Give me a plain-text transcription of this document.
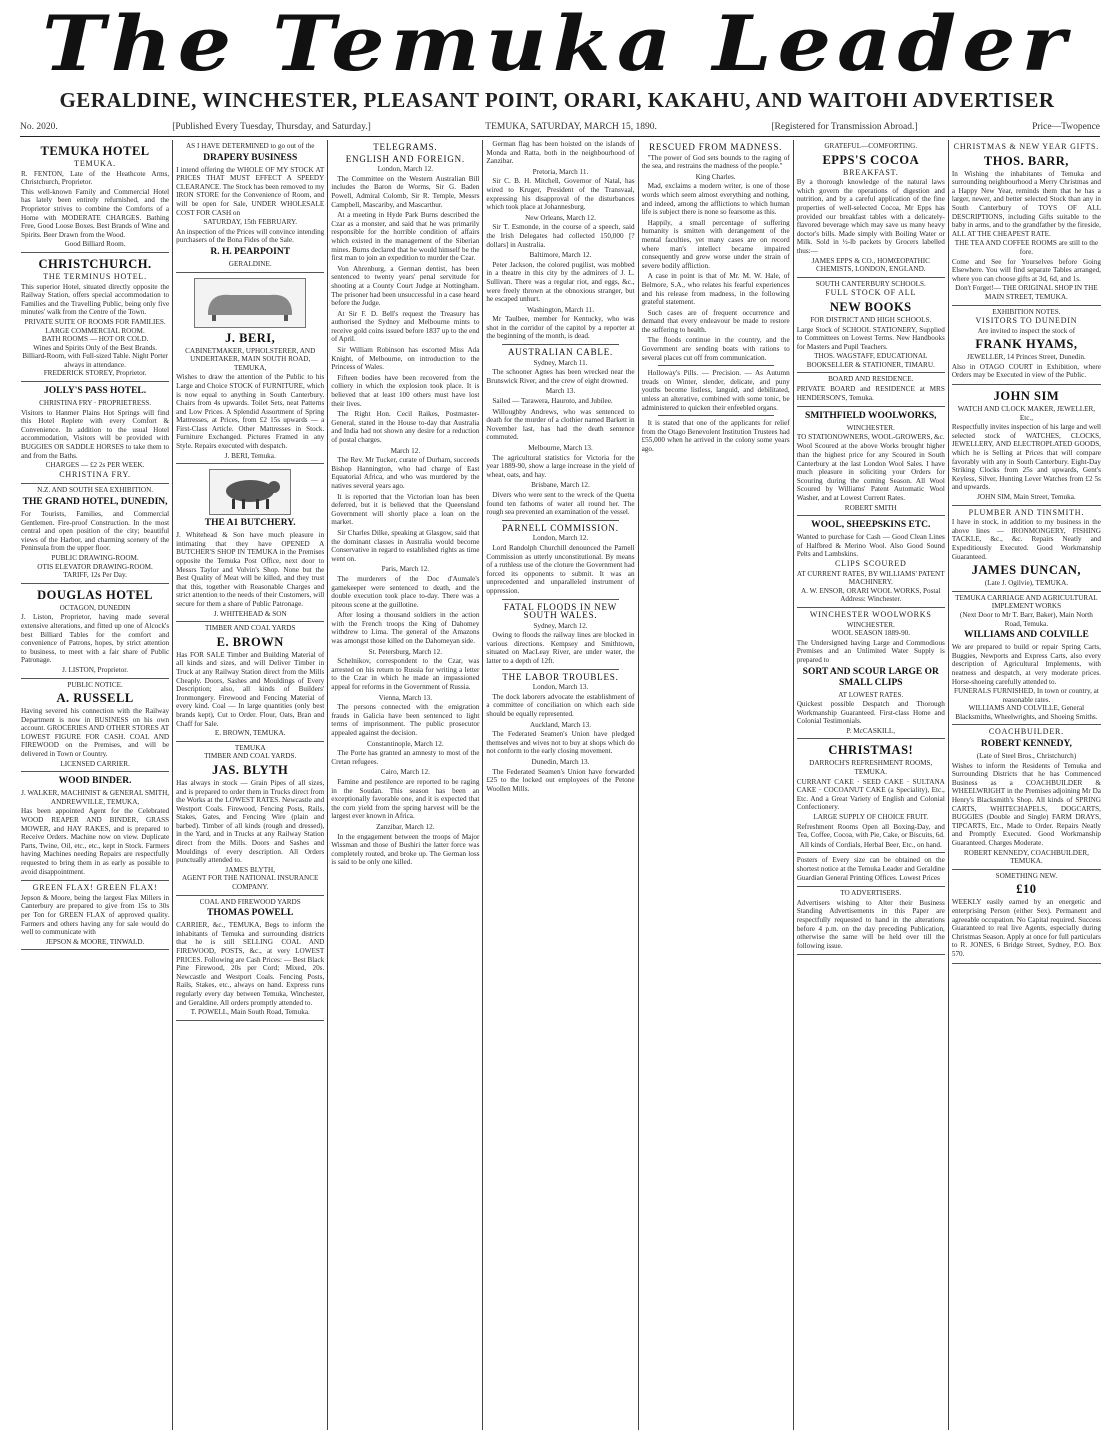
The Temuka Leader
GERALDINE, WINCHESTER, PLEASANT POINT, ORARI, KAKAHU, AND WAITOHI ADVERTISER
No. 2020.	[Published Every Tuesday, Thursday, and Saturday.]	TEMUKA, SATURDAY, MARCH 15, 1890.	[Registered for Transmission Abroad.]	Price—Twopence
TEMUKA HOTEL
TEMUKA.

R. FENTON, Late of the Heathcote Arms, Christchurch, Proprietor.

This well-known Family and Commercial Hotel has lately been entirely refurnished, and the Proprietor strives to combine the Comforts of a Home with MODERATE CHARGES. Bathing Free, Good Loose Boxes. Best Brands of Wine and Spirits. Beer Drawn from the Wood.

Good Billiard Room.
CHRISTCHURCH.
THE TERMINUS HOTEL.

This superior Hotel, situated directly opposite the Railway Station, offers special accommodation to Families and the Travelling Public, being only five minutes' walk from the Centre of the Town.

PRIVATE SUITE OF ROOMS FOR FAMILIES.
LARGE COMMERCIAL ROOM.
BATH ROOMS — HOT OR COLD.
Wines and Spirits Only of the Best Brands.
Billiard-Room, with Full-sized Table. Night Porter always in attendance.
FREDERICK STOREY, Proprietor.
JOLLY'S PASS HOTEL.
CHRISTINA FRY · PROPRIETRESS.

Visitors to Hanmer Plains Hot Springs will find this Hotel Replete with every Comfort & Convenience. In addition to the usual Hotel accommodation, Visitors will be provided with BUGGIES OR SADDLE HORSES to take them to and from the Baths.

CHARGES — £2 2s PER WEEK.
CHRISTINA FRY.
N.Z. AND SOUTH SEA EXHIBITION.
THE GRAND HOTEL, DUNEDIN,

For Tourists, Families, and Commercial Gentlemen. Fire-proof Construction. In the most central and open position of the city; beautiful views of the Harbor, and charming scenery of the Peninsula from the upper floor.

PUBLIC DRAWING-ROOM.
OTIS ELEVATOR DRAWING-ROOM.
TARIFF, 12s Per Day.
DOUGLAS HOTEL
OCTAGON, DUNEDIN

J. Liston, Proprietor, having made several extensive alterations, and fitted up one of Alcock's best Billiard Tables for the comfort and convenience of Patrons, hopes, by strict attention to business, to meet with a fair share of Public Patronage.

J. LISTON, Proprietor.
PUBLIC NOTICE.
A. RUSSELL

Having severed his connection with the Railway Department is now in BUSINESS on his own account. GROCERIES AND OTHER STORES AT LOWEST FIGURE FOR CASH. COAL AND FIREWOOD on the Premises, and will be delivered in Town or Country.

LICENSED CARRIER.
WOOD BINDER.
J. WALKER, MACHINIST & GENERAL SMITH, ANDREWVILLE, TEMUKA,

Has been appointed Agent for the Celebrated WOOD REAPER AND BINDER, GRASS MOWER, and HAY RAKES, and is prepared to Receive Orders. Machine now on view. Duplicate Parts, Twine, Oil, etc., etc., kept in Stock. Farmers having Machines needing Repairs are respectfully requested to bring them in as early as possible to avoid disappointment.

GREEN FLAX! GREEN FLAX!

Jepson & Moore, being the largest Flax Millers in Canterbury are prepared to give from 15s to 30s per Ton for GREEN FLAX of approved quality. Farmers and others having any for sale would do well to communicate with

JEPSON & MOORE, TINWALD.
AS I HAVE DETERMINED to go out of the
DRAPERY BUSINESS

I intend offering the WHOLE OF MY STOCK AT PRICES THAT MUST EFFECT A SPEEDY CLEARANCE. The Stock has been removed to my IRON STORE for the Convenience of Room, and will be open for Sale, UNDER WHOLESALE COST FOR CASH on

SATURDAY, 15th FEBRUARY.

An inspection of the Prices will convince intending purchasers of the Bona Fides of the Sale.

R. H. PEARPOINT
GERALDINE.
J. BERI,
CABINETMAKER, UPHOLSTERER, AND UNDERTAKER, MAIN SOUTH ROAD, TEMUKA,

Wishes to draw the attention of the Public to his Large and Choice STOCK of FURNITURE, which is now equal to anything in South Canterbury. Chairs from 4s upwards. Toilet Sets, neat Patterns and Low Prices. A Splendid Assortment of Spring Mattresses, at Prices, from £2 15s upwards — a First-Class Article. Other Mattresses in Stock. Furniture Exchanged. Pictures Framed in any Style. Repairs executed with despatch.

J. BERI, Temuka.
THE A1 BUTCHERY.

J. Whitehead & Son have much pleasure in intimating that they have OPENED A BUTCHER'S SHOP IN TEMUKA in the Premises opposite the Temuka Post Office, next door to Messrs Taylor and Volvin's Shop. None but the Best Quality of Meat will be killed, and they trust that this, together with Reasonable Charges and strict attention to the needs of their Customers, will secure for them a share of Public Patronage.

J. WHITEHEAD & SON
TIMBER AND COAL YARDS
E. BROWN

Has FOR SALE Timber and Building Material of all kinds and sizes, and will Deliver Timber in Truck at any Railway Station direct from the Mills Cheaply. Doors, Sashes and Mouldings of Every Description; also, all kinds of Builders' Ironmongery. Firewood and Fencing Material of every kind. Coal — In large quantities (only best brands kept), Cut to Order. Flour, Oats, Bran and Chaff for Sale.

E. BROWN, TEMUKA.
TEMUKA
TIMBER AND COAL YARDS.
JAS. BLYTH

Has always in stock — Grain Pipes of all sizes, and is prepared to order them in Trucks direct from the Works at the LOWEST RATES. Newcastle and Westport Coals. Firewood, Fencing Posts, Rails, Stakes, Gates, and Fencing Wire (plain and barbed). Timber of all kinds (rough and dressed), in the Yard, and in Trucks at any Railway Station direct from the Mills. Doors and Sashes and Mouldings of every description. All Orders punctually attended to.

JAMES BLYTH,
AGENT FOR THE NATIONAL INSURANCE COMPANY.
COAL AND FIREWOOD YARDS
THOMAS POWELL

CARRIER, &c., TEMUKA, Begs to inform the inhabitants of Temuka and surrounding districts that he is still SELLING COAL AND FIREWOOD, POSTS, &c., at very LOWEST PRICES. Following are Cash Prices: — Best Black Pine Firewood, 20s per Cord; Mixed, 20s. Newcastle and Westport Coals. Fencing Posts, Rails, Stakes, etc., always on hand. Express runs regularly every day between Temuka, Winchester, and Geraldine. All orders promptly attended to.

T. POWELL, Main South Road, Temuka.
TELEGRAMS.
ENGLISH AND FOREIGN.
London, March 12.

The Committee on the Western Australian Bill includes the Baron de Worms, Sir G. Baden Powell, Admiral Colomb, Sir R. Temple, Messrs Campbell, Mascariby, and Mascarthur.

At a meeting in Hyde Park Burns described the Czar as a monster, and said that he was primarily responsible for the horrible condition of affairs which existed in the management of the Siberian mines. Burns declared that he would himself be the first man to join an expedition to murder the Czar.

Von Ahrenburg, a German dentist, has been sentenced to twenty years' penal servitude for shooting at a County Court Judge at Nottingham. The prisoner had been unsuccessful in a case heard before the Judge.

At Sir F. D. Bell's request the Treasury has authorised the Sydney and Melbourne mints to receive gold coins issued before 1837 up to the end of April.

Sir William Robinson has escorted Miss Ada Knight, of Melbourne, on introduction to the Princess of Wales.

Fifteen bodies have been recovered from the colliery in which the explosion took place. It is believed that at least 100 others must have lost their lives.

The Right Hon. Cecil Raikes, Postmaster-General, stated in the House to-day that Australia and India had not shown any desire for a reduction of postal charges.

March 12.

The Rev. Mr Tucker, curate of Durham, succeeds Bishop Hannington, who had charge of East Equatorial Africa, and who was murdered by the natives several years ago.

It is reported that the Victorian loan has been deferred, but it is believed that the Queensland Government will shortly place a loan on the market.

Sir Charles Dilke, speaking at Glasgow, said that the dominant classes in Australia would become Conservative in regard to established rights as time went on.

Paris, March 12.

The murderers of the Doc d'Aumale's gamekeeper were sentenced to death, and the double execution took place to-day. There was a piteous scene at the guillotine.

After losing a thousand soldiers in the action with the French troops the King of Dahomey withdrew to Lima. The general of the Amazons was amongst those killed on the Dahomeyan side.

St. Petersburg, March 12.

Schelnikov, correspondent to the Czar, was arrested on his return to Russia for writing a letter to the Czar in which he made an impassioned appeal for reforms in the Government of Russia.

Vienna, March 13.

The persons connected with the emigration frauds in Galicia have been sentenced to light terms of imprisonment. The public prosecutor appealed against the decision.

Constantinople, March 12.

The Porte has granted an amnesty to most of the Cretan refugees.

Cairo, March 12.

Famine and pestilence are reported to be raging in the Soudan. This season has been an exceptionally favorable one, and it is expected that the corn yield from the spring harvest will be the largest ever known in Africa.

Zanzibar, March 12.

In the engagement between the troops of Major Wissman and those of Bushiri the latter force was completely routed, and broke up. The German loss is said to be only one killed.

German flag has been hoisted on the islands of Monda and Ratta, both in the neighbourhood of Zanzibar.

Pretoria, March 11.

Sir C. B. H. Mitchell, Governor of Natal, has wired to Kruger, President of the Transvaal, expressing his disapproval of the disturbances which took place at Johannesburg.

New Orleans, March 12.

Sir T. Esmonde, in the course of a speech, said the Irish Delegates had collected 150,000 [? dollars] in Australia.

Baltimore, March 12.

Peter Jackson, the colored pugilist, was mobbed in a theatre in this city by the admirers of J. L. Sullivan. There was a regular riot, and eggs, &c., were freely thrown at the obnoxious stranger, but he escaped unhurt.

Washington, March 11.

Mr Taulbee, member for Kentucky, who was shot in the corridor of the capitol by a reporter at the beginning of the month, is dead.

AUSTRALIAN CABLE.
Sydney, March 11.

The schooner Agnes has been wrecked near the Brunswick River, and the crew of eight drowned.

March 13.

Sailed — Tarawera, Hauroto, and Jubilee.

Willoughby Andrews, who was sentenced to death for the murder of a clothier named Barkett in November last, has had the death sentence commuted.

Melbourne, March 13.

The agricultural statistics for Victoria for the year 1889-90, show a large increase in the yield of wheat, oats, and hay.

Brisbane, March 12.

Divers who were sent to the wreck of the Quetta found ten fathoms of water all round her. The rough sea prevented an examination of the vessel.

PARNELL COMMISSION.
London, March 12.

Lord Randolph Churchill denounced the Parnell Commission as utterly unconstitutional. By means of a ruthless use of the cloture the Government had forced its opponents to submit. It was an unprecedented and unparalleled instrument of oppression.

FATAL FLOODS IN NEW SOUTH WALES.
Sydney, March 12.

Owing to floods the railway lines are blocked in various directions. Kempsey and Smithtown, situated on MacLeay River, are under water, the latter to a depth of 12ft.

THE LABOR TROUBLES.
London, March 13.

The dock laborers advocate the establishment of a committee of conciliation on which each side should be equally represented.

Auckland, March 13.

The Federated Seamen's Union have pledged themselves and wives not to buy at shops which do not conform to the early closing movement.

Dunedin, March 13.

The Federated Seamen's Union have forwarded £25 to the locked out employees of the Petone Woollen Mills.

RESCUED FROM MADNESS.

"The power of God sets bounds to the raging of the sea, and restrains the madness of the people."

King Charles.

Mad, exclaims a modern writer, is one of those words which seem almost everything and nothing, and indeed, among the afflictions to which human life is subject there is none so fearsome as this.

Happily, a small percentage of suffering humanity is smitten with derangement of the mental faculties, yet many cases are on record where man's intellect became impaired consequently and grew worse under the strain of severe bodily affliction.

A case in point is that of Mr. M. W. Hale, of Belmore, S.A., who relates his fearful experiences and his release from madness, in the following grateful statement.

Such cases are of frequent occurrence and demand that every endeavour be made to restore the suffering to health.

The floods continue in the country, and the Government are sending boats with rations to several places cut off from communication.

Holloway's Pills. — Precision. — As Autumn treads on Winter, slender, delicate, and puny youths become listless, languid, and debilitated, unless an alterative, combined with some tonic, be administered to quicken their enfeebled organs.

It is stated that one of the applicants for relief from the Otago Benevolent Institution Trustees had £55,000 when he arrived in the colony some years ago.

GRATEFUL—COMFORTING.
EPPS'S COCOA
BREAKFAST.

By a thorough knowledge of the natural laws which govern the operations of digestion and nutrition, and by a careful application of the fine properties of well-selected Cocoa, Mr Epps has provided our breakfast tables with a delicately-flavored beverage which may save us many heavy doctor's bills. Made simply with Boiling Water or Milk. Sold in ½-lb packets by Grocers labelled thus:—

JAMES EPPS & CO., HOMŒOPATHIC CHEMISTS, LONDON, ENGLAND.
SOUTH CANTERBURY SCHOOLS.
FULL STOCK OF ALL
NEW BOOKS
FOR DISTRICT AND HIGH SCHOOLS.

Large Stock of SCHOOL STATIONERY, Supplied to Committees on Lowest Terms. New Handbooks for Masters and Pupil Teachers.

THOS. WAGSTAFF, EDUCATIONAL BOOKSELLER & STATIONER, TIMARU.
BOARD AND RESIDENCE.

PRIVATE BOARD and RESIDENCE at MRS HENDERSON'S, Temuka.

SMITHFIELD WOOLWORKS,
WINCHESTER.
TO STATIONOWNERS, WOOL-GROWERS, &c.

Wool Scoured at the above Works brought higher than the highest price for any Scoured in South Canterbury at the last London Wool Sales. I have much pleasure in soliciting your Orders for Scouring during the coming Season. All Wool Scoured by Williams' Patent Automatic Wool Washer, and at Lowest Current Rates.

ROBERT SMITH
WOOL, SHEEPSKINS ETC.

Wanted to purchase for Cash — Good Clean Lines of Halfbred & Merino Wool. Also Good Sound Pelts and Lambskins.

CLIPS SCOURED
AT CURRENT RATES, BY WILLIAMS' PATENT MACHINERY.
A. W. ENSOR, ORARI WOOL WORKS, Postal Address: Winchester.
WINCHESTER WOOLWORKS
WINCHESTER.
WOOL SEASON 1889-90.

The Undersigned having Large and Commodious Premises and an Unlimited Water Supply is prepared to

SORT AND SCOUR LARGE OR SMALL CLIPS
AT LOWEST RATES.

Quickest possible Despatch and Thorough Workmanship Guaranteed. First-class Home and Colonial Testimonials.

P. McCASKILL,
CHRISTMAS!
DARROCH'S REFRESHMENT ROOMS, TEMUKA.

CURRANT CAKE · SEED CAKE · SULTANA CAKE · COCOANUT CAKE (a Speciality), Etc., Etc. And a Great Variety of English and Colonial Confectionery.

LARGE SUPPLY OF CHOICE FRUIT.

Refreshment Rooms Open all Boxing-Day, and Tea, Coffee, Cocoa, with Pie, Cake, or Biscuits, 6d.

All kinds of Cordials, Herbal Beer, Etc., on hand.

Posters of Every size can be obtained on the shortest notice at the Temuka Leader and Geraldine Guardian General Printing Offices. Lowest Prices

TO ADVERTISERS.

Advertisers wishing to Alter their Business Standing Advertisements in this Paper are respectfully requested to hand in the alterations before 4 p.m. on the day preceding Publication, otherwise the same will be held over till the following issue.

CHRISTMAS & NEW YEAR GIFTS.
THOS. BARR,

In Wishing the inhabitants of Temuka and surrounding neighbourhood a Merry Christmas and a Happy New Year, reminds them that he has a larger, newer, and better selected Stock than any in South Canterbury of TOYS OF ALL DESCRIPTIONS, including Gifts suitable to the baby in arms, and to the grandfather by the fireside, ALL AT THE CHEAPEST RATE.

THE TEA AND COFFEE ROOMS are still to the fore.

Come and See for Yourselves before Going Elsewhere. You will find separate Tables arranged, where you can choose gifts at 3d, 6d, and 1s.

Don't Forget!— THE ORIGINAL SHOP IN THE MAIN STREET, TEMUKA.
EXHIBITION NOTES.
VISITORS TO DUNEDIN
Are invited to inspect the stock of
FRANK HYAMS,
JEWELLER, 14 Princes Street, Dunedin.

Also in OTAGO COURT in Exhibition, where Orders may be Executed in view of the Public.

JOHN SIM
WATCH AND CLOCK MAKER, JEWELLER, Etc.,

Respectfully invites inspection of his large and well selected stock of WATCHES, CLOCKS, JEWELLERY, AND ELECTROPLATED GOODS, which he is Selling at Prices that will compare favorably with any in South Canterbury. Eight-Day Striking Clocks from 25s and upwards, Gent's Keyless, Silver, Hunting Lever Watches from £2 5s and upwards.

JOHN SIM, Main Street, Temuka.
PLUMBER AND TINSMITH.

I have in stock, in addition to my business in the above lines — IRONMONGERY, FISHING TACKLE, &c., &c. Repairs Neatly and Expeditiously Executed. Good Workmanship Guaranteed.

JAMES DUNCAN,
(Late J. Ogilvie), TEMUKA.
TEMUKA CARRIAGE AND AGRICULTURAL IMPLEMENT WORKS
(Next Door to Mr T. Barr, Baker), Main North Road, Temuka.
WILLIAMS AND COLVILLE

We are prepared to build or repair Spring Carts, Buggies, Newports and Express Carts, also every description of Agricultural Implements, with neatness and despatch, at very moderate prices. Horse-shoeing carefully attended to.

FUNERALS FURNISHED, In town or country, at reasonable rates.
WILLIAMS AND COLVILLE, General Blacksmiths, Wheelwrights, and Shoeing Smiths.
COACHBUILDER.
ROBERT KENNEDY,
(Late of Steel Bros., Christchurch)

Wishes to inform the Residents of Temuka and Surrounding Districts that he has Commenced Business as a COACHBUILDER & WHEELWRIGHT in the Premises adjoining Mr Da Henry's Blacksmith's Shop. All kinds of SPRING CARTS, WHITECHAPELS, DOGCARTS, BUGGIES (Double and Single) FARM DRAYS, TIPCARTS, Etc., Made to Order. Repairs Neatly and Promptly Executed. Good Workmanship Guaranteed. Charges Moderate.

ROBERT KENNEDY, COACHBUILDER, TEMUKA.
SOMETHING NEW.
£10

WEEKLY easily earned by an energetic and enterprising Person (either Sex). Permanent and agreeable occupation. No Capital required. Success Guaranteed to real live Agents, especially during Christmas Season. Apply at once for full particulars to R. JONES, 6 Bridge Street, Sydney, P.O. Box 570.
